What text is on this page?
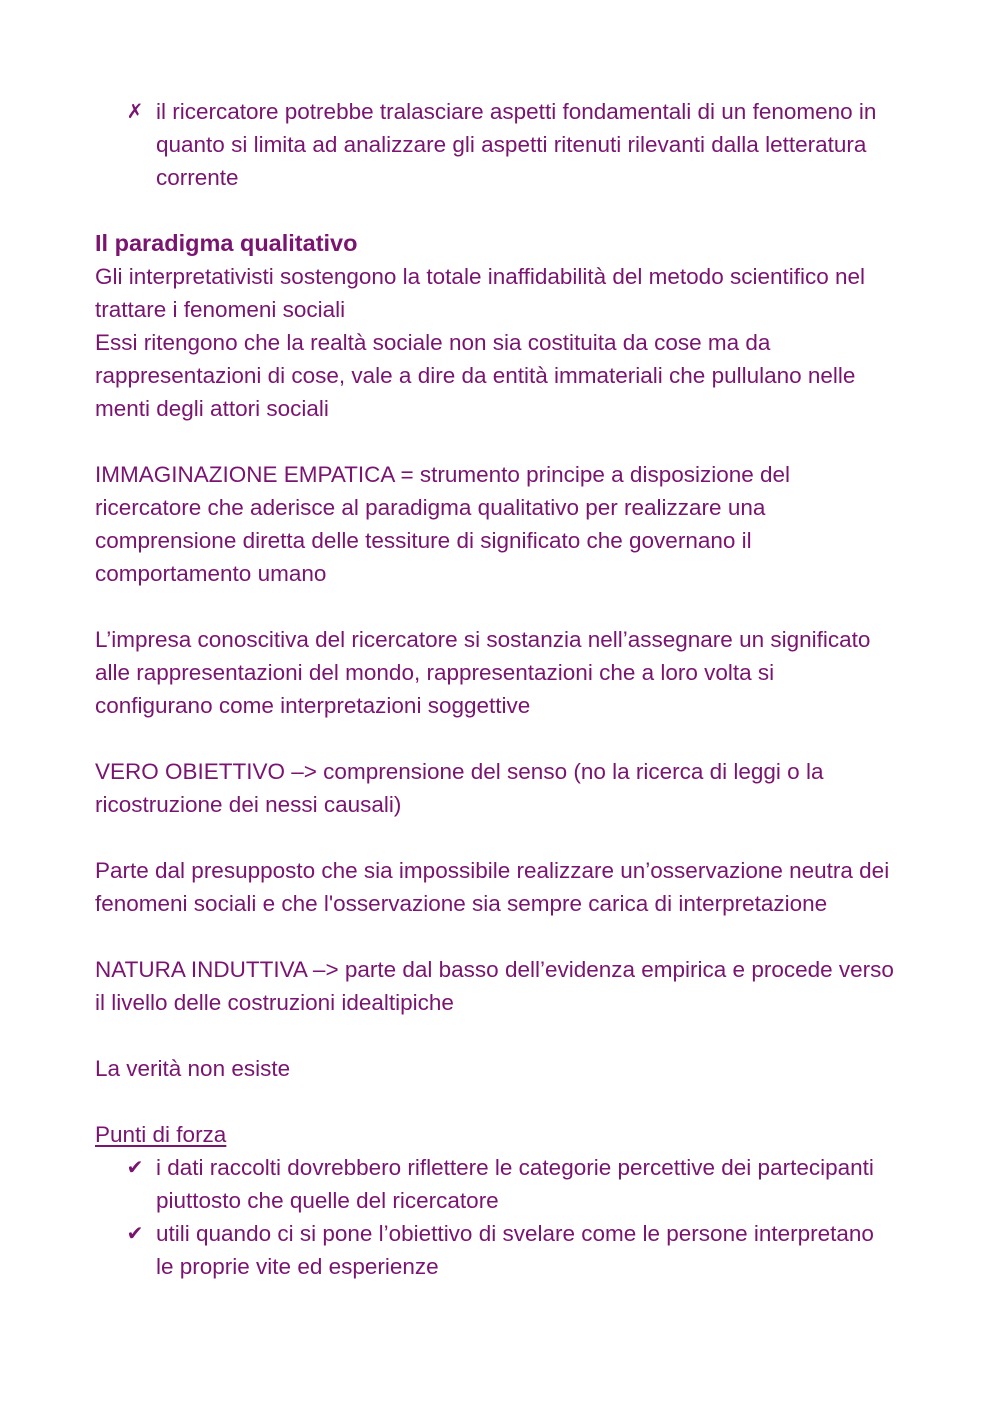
✗ il ricercatore potrebbe tralasciare aspetti fondamentali di un fenomeno in quanto si limita ad analizzare gli aspetti ritenuti rilevanti dalla letteratura corrente
Il paradigma qualitativo

Gli interpretativisti sostengono la totale inaffidabilità del metodo scientifico nel trattare i fenomeni sociali

Essi ritengono che la realtà sociale non sia costituita da cose ma da rappresentazioni di cose, vale a dire da entità immateriali che pullulano nelle menti degli attori sociali

IMMAGINAZIONE EMPATICA = strumento principe a disposizione del ricercatore che aderisce al paradigma qualitativo per realizzare una comprensione diretta delle tessiture di significato che governano il comportamento umano

L’impresa conoscitiva del ricercatore si sostanzia nell’assegnare un significato alle rappresentazioni del mondo, rappresentazioni che a loro volta si configurano come interpretazioni soggettive

VERO OBIETTIVO –> comprensione del senso (no la ricerca di leggi o la ricostruzione dei nessi causali)

Parte dal presupposto che sia impossibile realizzare un’osservazione neutra dei fenomeni sociali e che l'osservazione sia sempre carica di interpretazione

NATURA INDUTTIVA –> parte dal basso dell’evidenza empirica e procede verso il livello delle costruzioni idealtipiche

La verità non esiste

Punti di forza

✔ i dati raccolti dovrebbero riflettere le categorie percettive dei partecipanti piuttosto che quelle del ricercatore
✔ utili quando ci si pone l’obiettivo di svelare come le persone interpretano le proprie vite ed esperienze
